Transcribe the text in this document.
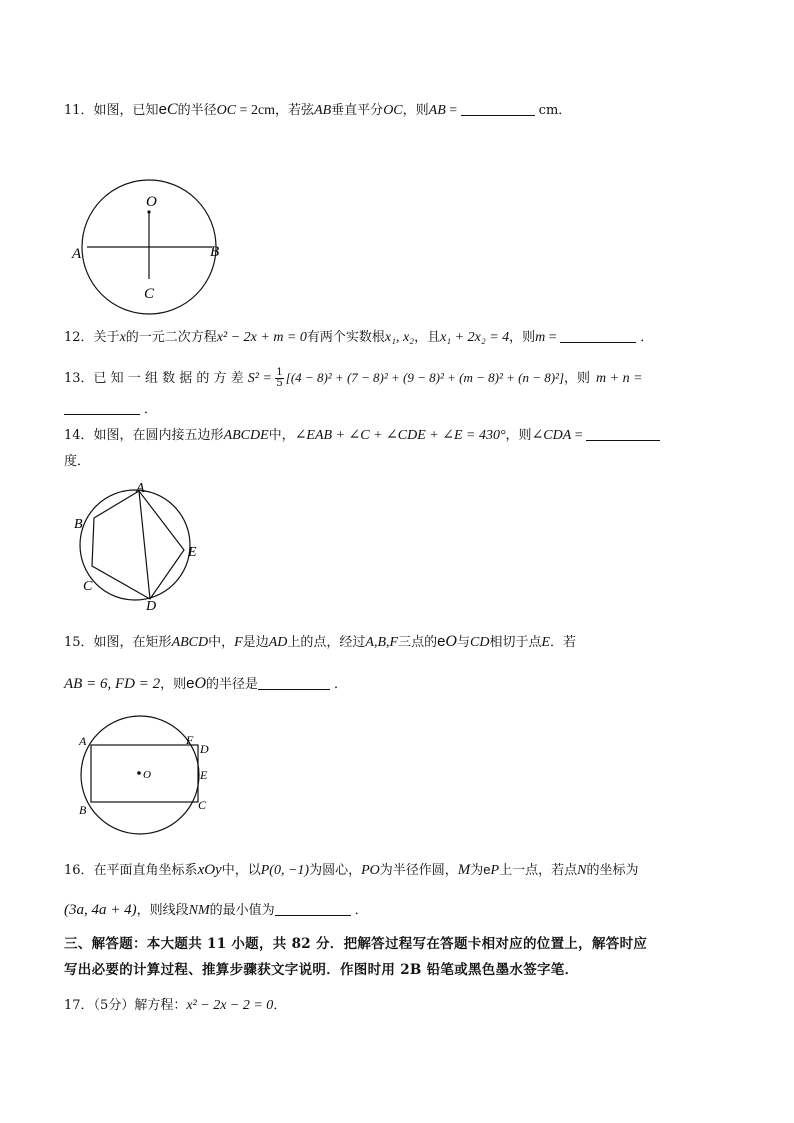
11．如图，已知eC的半径OC = 2cm，若弦AB垂直平分OC，则AB =	cm．
O
A	B
C
12．关于x的一元二次方程x² − 2x + m = 0有两个实数根x₁, x₂，且x₁ + 2x₂ = 4，则m =	．
13．已 知 一 组 数 据 的 方 差 $S^2 = \frac{1}{5} [(4 - 8)^2 + (7 - 8)^2 + (9 - 8)^2 + (m - 8)^2 + (n - 8)^2]$，则 m + n =
．
14．如图，在圆内接五边形ABCDE中，∠EAB + ∠C + ∠CDE + ∠E = 430°，则∠CDA =
度．
A
B
C
D
E
15．如图，在矩形ABCD中，F是边AD上的点，经过A,B,F三点的eO与CD相切于点E．若
AB = 6, FD = 2，则eO的半径是	．
A	F
D
E
O
B	C
16．在平面直角坐标系xOy中，以P(0, −1)为圆心，PO为半径作圆，M为eP上一点，若点N的坐标为
(3a, 4a + 4)，则线段NM的最小值为	．
三、解答题：本大题共 11 小题，共 82 分．把解答过程写在答题卡相对应的位置上，解答时应
写出必要的计算过程、推算步骤获文字说明．作图时用 2B 铅笔或黑色墨水签字笔．
17．（5分）解方程：x² − 2x − 2 = 0．
